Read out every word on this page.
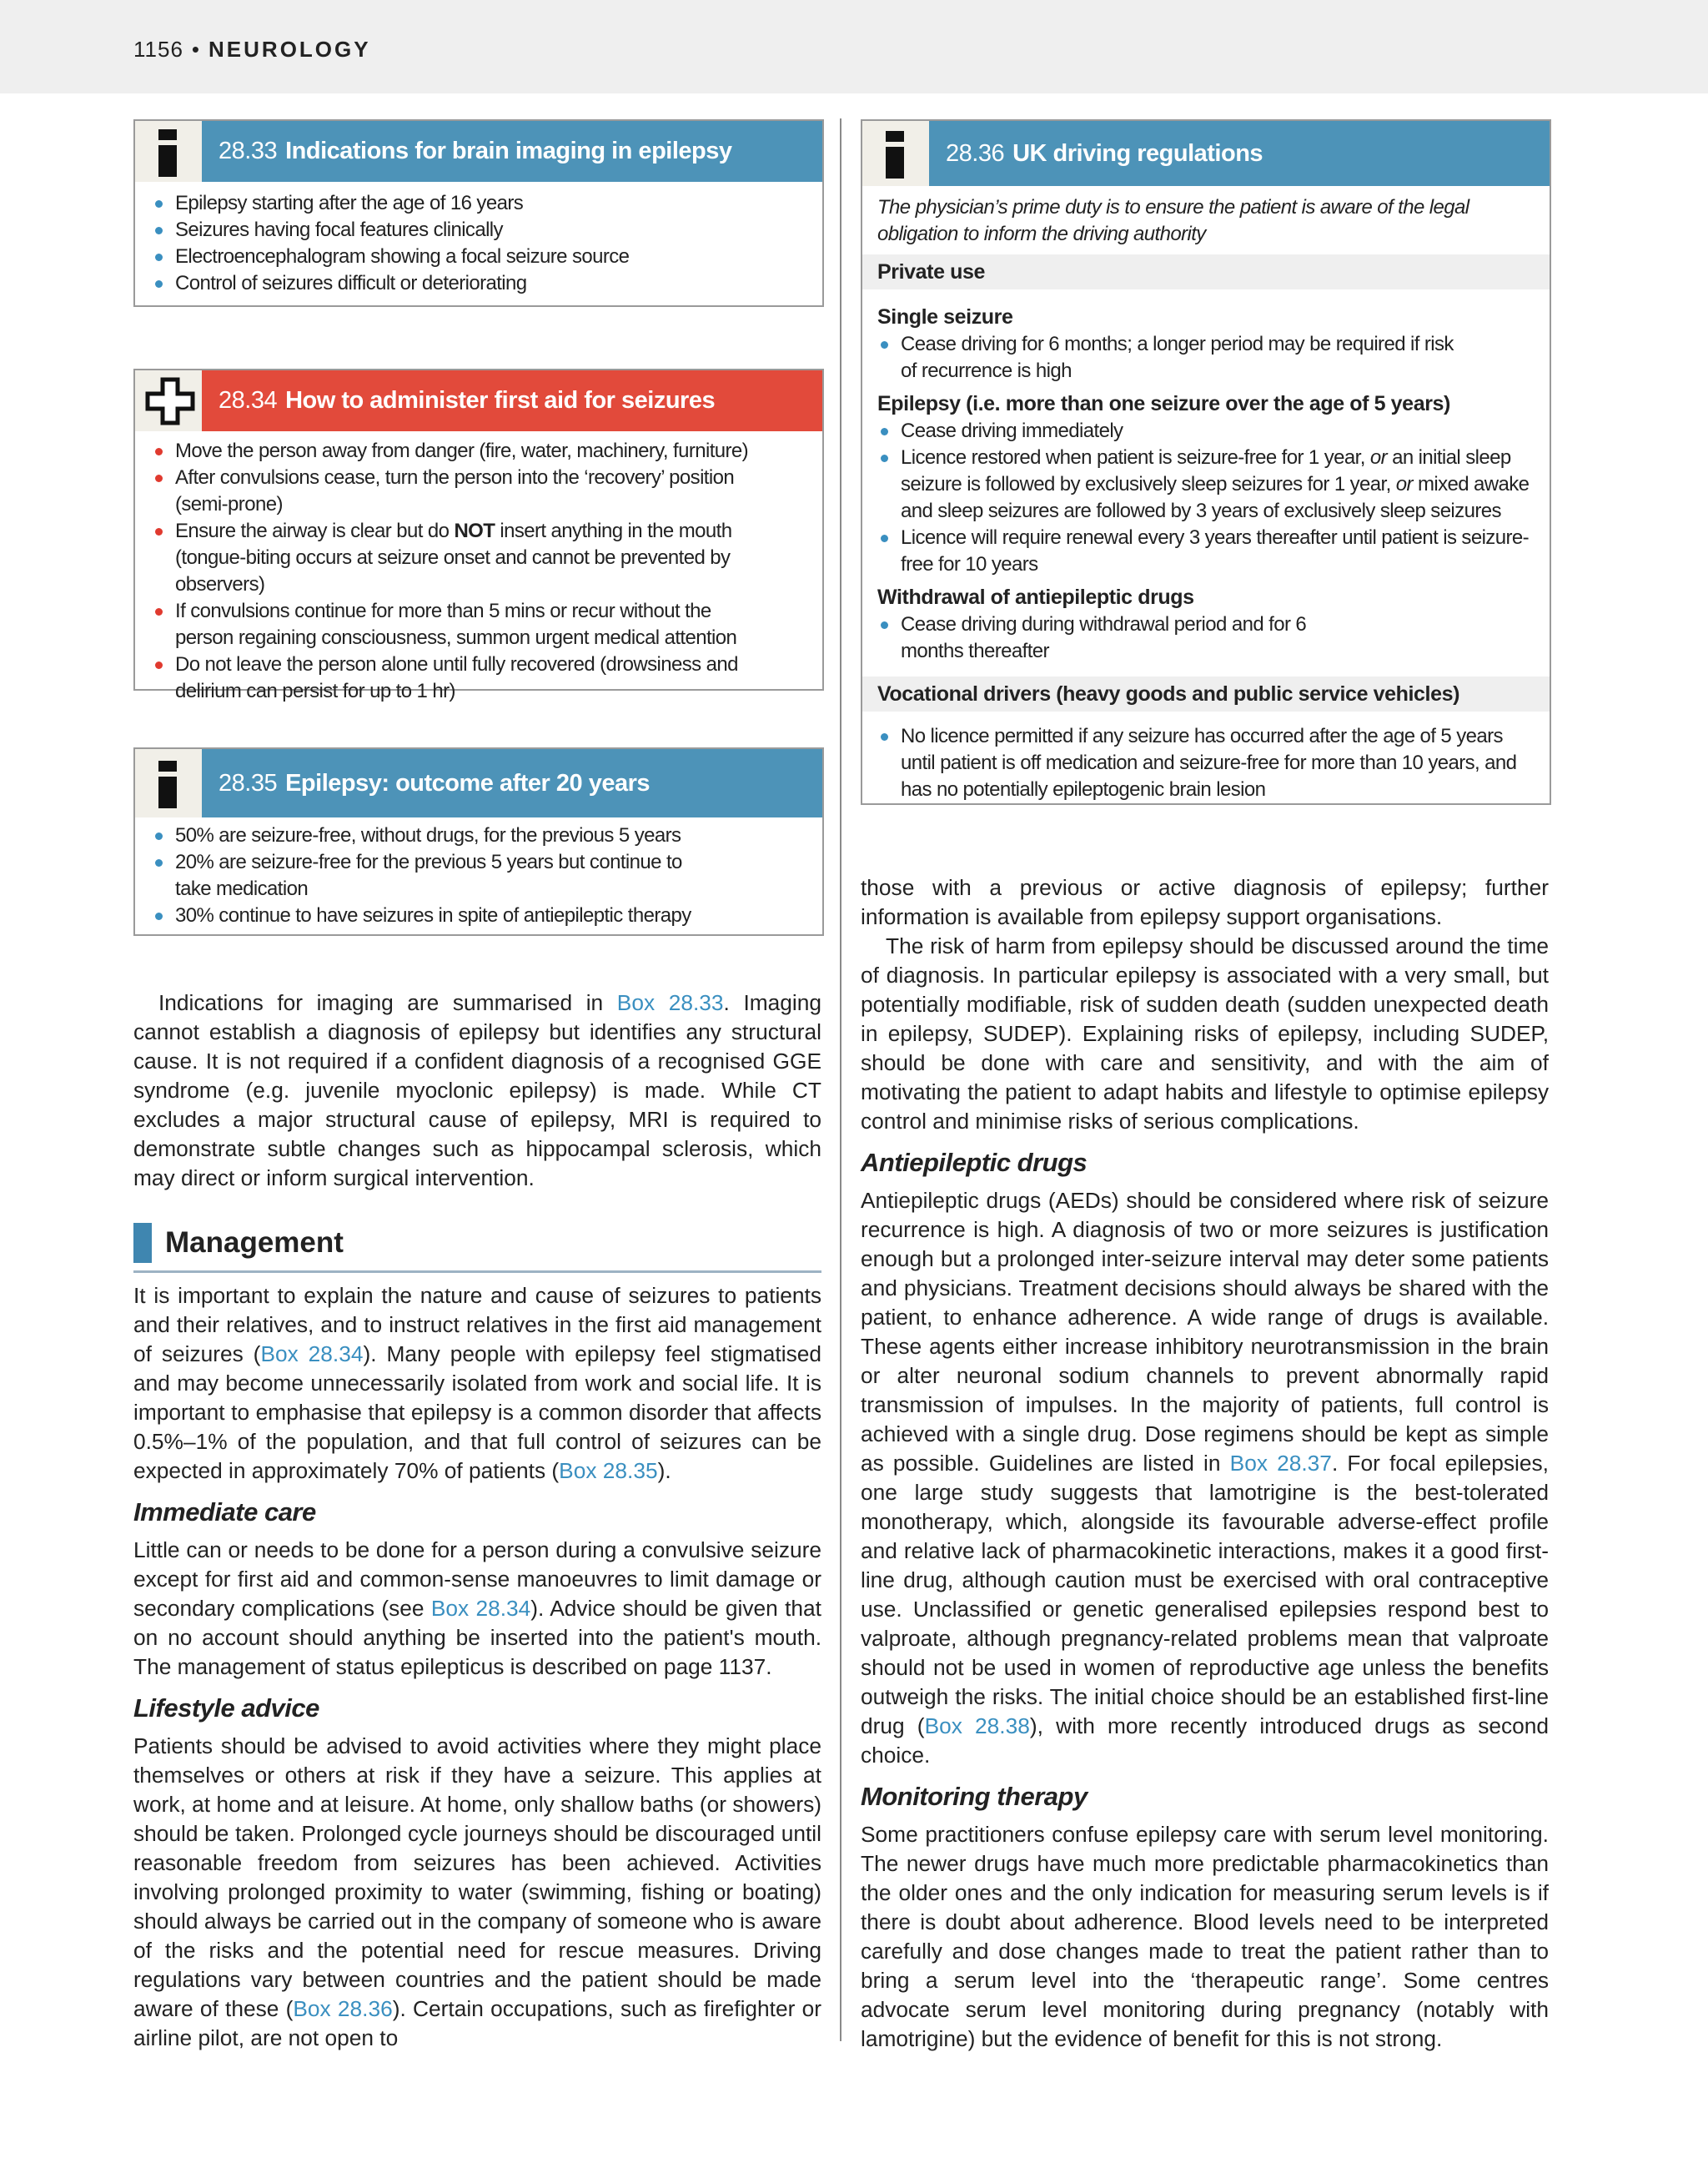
1156 • NEUROLOGY
28.33 Indications for brain imaging in epilepsy
Epilepsy starting after the age of 16 years
Seizures having focal features clinically
Electroencephalogram showing a focal seizure source
Control of seizures difficult or deteriorating
28.34 How to administer first aid for seizures
Move the person away from danger (fire, water, machinery, furniture)
After convulsions cease, turn the person into the ‘recovery’ position (semi-prone)
Ensure the airway is clear but do NOT insert anything in the mouth (tongue-biting occurs at seizure onset and cannot be prevented by observers)
If convulsions continue for more than 5 mins or recur without the person regaining consciousness, summon urgent medical attention
Do not leave the person alone until fully recovered (drowsiness and delirium can persist for up to 1 hr)
28.35 Epilepsy: outcome after 20 years
50% are seizure-free, without drugs, for the previous 5 years
20% are seizure-free for the previous 5 years but continue to take medication
30% continue to have seizures in spite of antiepileptic therapy
28.36 UK driving regulations
The physician’s prime duty is to ensure the patient is aware of the legal obligation to inform the driving authority
Private use
Single seizure
Cease driving for 6 months; a longer period may be required if risk of recurrence is high
Epilepsy (i.e. more than one seizure over the age of 5 years)
Cease driving immediately
Licence restored when patient is seizure-free for 1 year, or an initial sleep seizure is followed by exclusively sleep seizures for 1 year, or mixed awake and sleep seizures are followed by 3 years of exclusively sleep seizures
Licence will require renewal every 3 years thereafter until patient is seizure-free for 10 years
Withdrawal of antiepileptic drugs
Cease driving during withdrawal period and for 6 months thereafter
Vocational drivers (heavy goods and public service vehicles)
No licence permitted if any seizure has occurred after the age of 5 years until patient is off medication and seizure-free for more than 10 years, and has no potentially epileptogenic brain lesion

Indications for imaging are summarised in Box 28.33. Imaging cannot establish a diagnosis of epilepsy but identifies any structural cause. It is not required if a confident diagnosis of a recognised GGE syndrome (e.g. juvenile myoclonic epilepsy) is made. While CT excludes a major structural cause of epilepsy, MRI is required to demonstrate subtle changes such as hippocampal sclerosis, which may direct or inform surgical intervention.

Management

It is important to explain the nature and cause of seizures to patients and their relatives, and to instruct relatives in the first aid management of seizures (Box 28.34). Many people with epilepsy feel stigmatised and may become unnecessarily isolated from work and social life. It is important to emphasise that epilepsy is a common disorder that affects 0.5%–1% of the population, and that full control of seizures can be expected in approximately 70% of patients (Box 28.35).

Immediate care

Little can or needs to be done for a person during a convulsive seizure except for first aid and common-sense manoeuvres to limit damage or secondary complications (see Box 28.34). Advice should be given that on no account should anything be inserted into the patient's mouth. The management of status epilepticus is described on page 1137.

Lifestyle advice

Patients should be advised to avoid activities where they might place themselves or others at risk if they have a seizure. This applies at work, at home and at leisure. At home, only shallow baths (or showers) should be taken. Prolonged cycle journeys should be discouraged until reasonable freedom from seizures has been achieved. Activities involving prolonged proximity to water (swimming, fishing or boating) should always be carried out in the company of someone who is aware of the risks and the potential need for rescue measures. Driving regulations vary between countries and the patient should be made aware of these (Box 28.36). Certain occupations, such as firefighter or airline pilot, are not open to

those with a previous or active diagnosis of epilepsy; further information is available from epilepsy support organisations.

The risk of harm from epilepsy should be discussed around the time of diagnosis. In particular epilepsy is associated with a very small, but potentially modifiable, risk of sudden death (sudden unexpected death in epilepsy, SUDEP). Explaining risks of epilepsy, including SUDEP, should be done with care and sensitivity, and with the aim of motivating the patient to adapt habits and lifestyle to optimise epilepsy control and minimise risks of serious complications.

Antiepileptic drugs

Antiepileptic drugs (AEDs) should be considered where risk of seizure recurrence is high. A diagnosis of two or more seizures is justification enough but a prolonged inter-seizure interval may deter some patients and physicians. Treatment decisions should always be shared with the patient, to enhance adherence. A wide range of drugs is available. These agents either increase inhibitory neurotransmission in the brain or alter neuronal sodium channels to prevent abnormally rapid transmission of impulses. In the majority of patients, full control is achieved with a single drug. Dose regimens should be kept as simple as possible. Guidelines are listed in Box 28.37. For focal epilepsies, one large study suggests that lamotrigine is the best-tolerated monotherapy, which, alongside its favourable adverse-effect profile and relative lack of pharmacokinetic interactions, makes it a good first-line drug, although caution must be exercised with oral contraceptive use. Unclassified or genetic generalised epilepsies respond best to valproate, although pregnancy-related problems mean that valproate should not be used in women of reproductive age unless the benefits outweigh the risks. The initial choice should be an established first-line drug (Box 28.38), with more recently introduced drugs as second choice.

Monitoring therapy

Some practitioners confuse epilepsy care with serum level monitoring. The newer drugs have much more predictable pharmacokinetics than the older ones and the only indication for measuring serum levels is if there is doubt about adherence. Blood levels need to be interpreted carefully and dose changes made to treat the patient rather than to bring a serum level into the ‘therapeutic range’. Some centres advocate serum level monitoring during pregnancy (notably with lamotrigine) but the evidence of benefit for this is not strong.
